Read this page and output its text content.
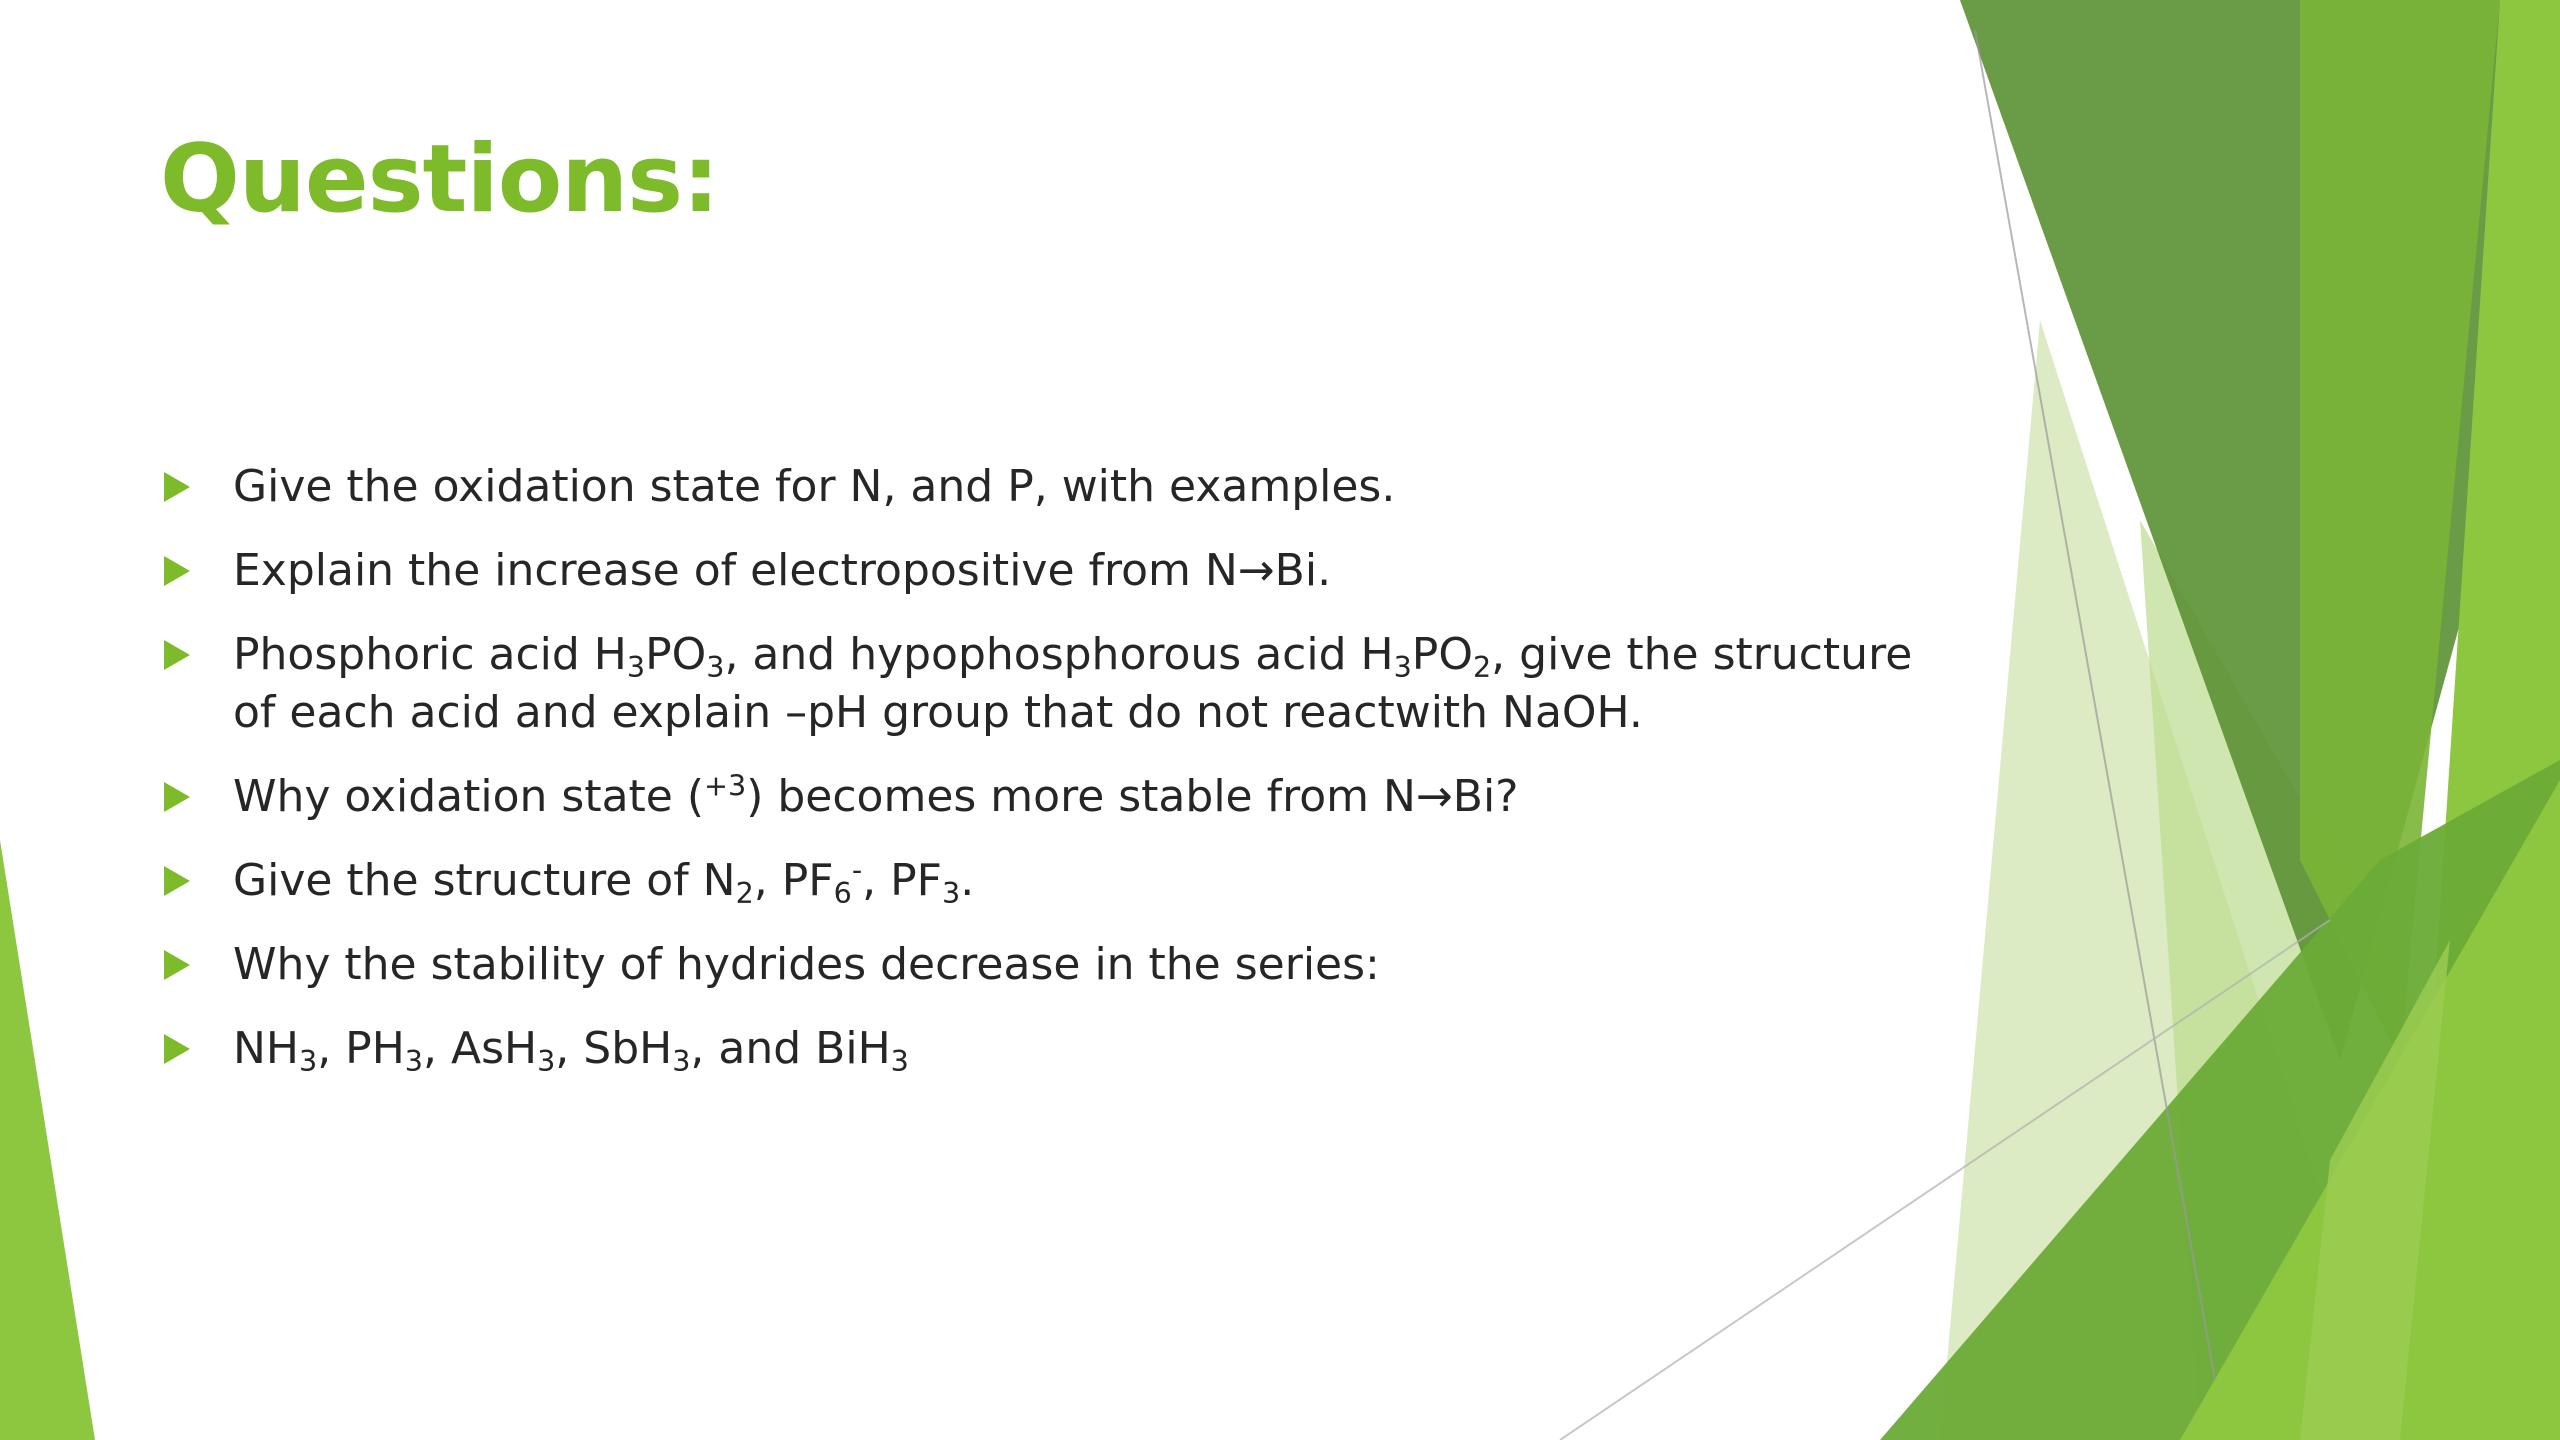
Questions:
Give the oxidation state for N, and P, with examples.
Explain the increase of electropositive from N→Bi.
Phosphoric acid $H_3PO_3$, and hypophosphorous acid $H_3PO_2$, give the structure of each acid and explain –pH group that do not reactwith NaOH.
Why oxidation state ($^{+3}$) becomes more stable from N→Bi?
Give the structure of $N_2$, $PF_6^-$, $PF_3$.
Why the stability of hydrides decrease in the series:
$NH_3$, $PH_3$, AsH$_3$, SbH$_3$, and BiH$_3$
